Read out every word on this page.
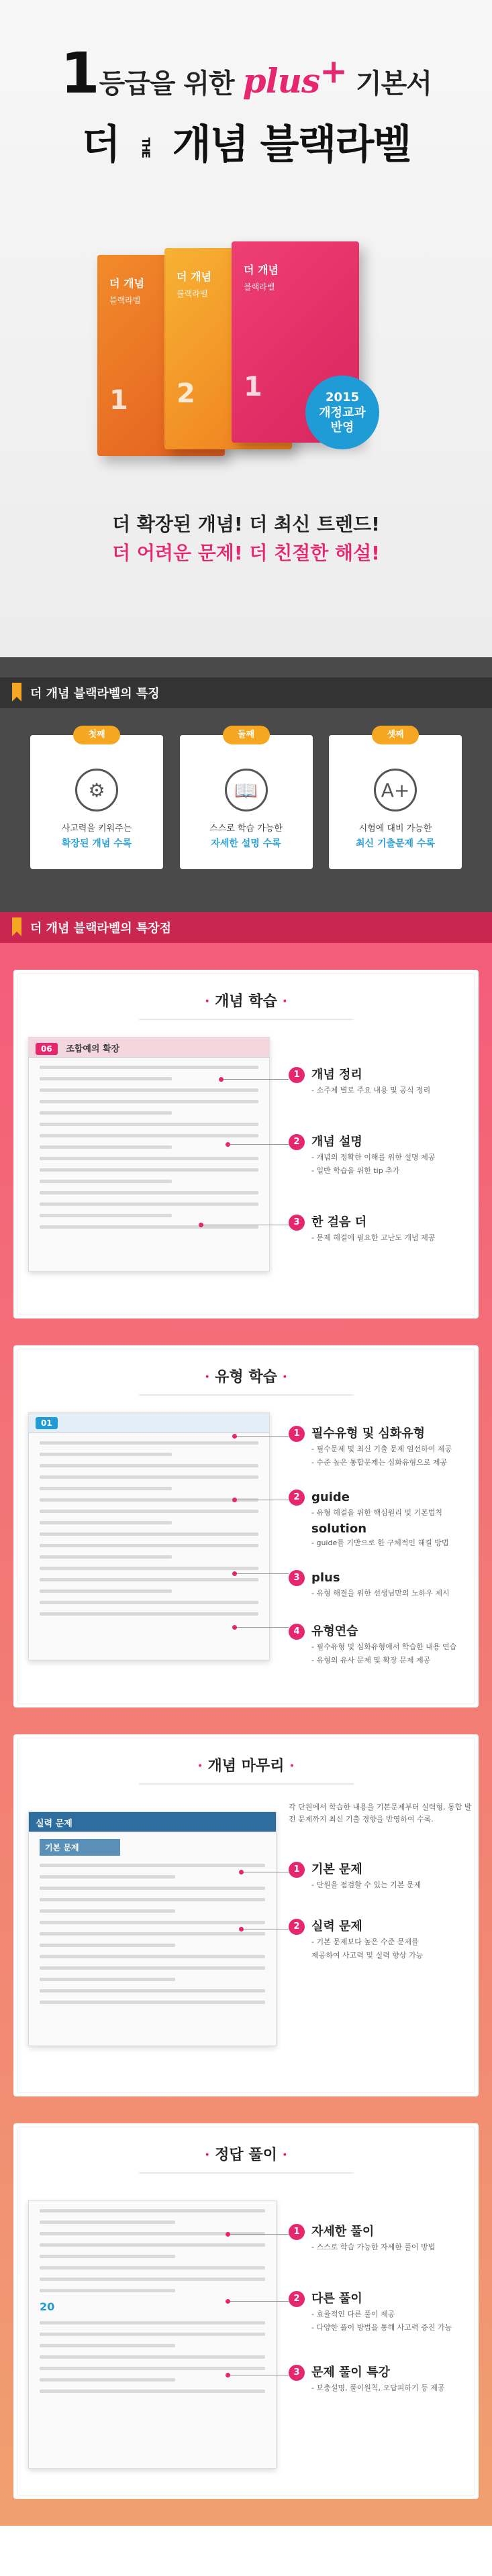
1등급을 위한 plus+ 기본서
더 THE 개념 블랙라벨
더 개념
블랙라벨
1
더 개념
블랙라벨
2
더 개념
블랙라벨
1	2015
개정교과
반영

더 확장된 개념! 더 최신 트렌드!

더 어려운 문제! 더 친절한 해설!

더 개념 블랙라벨의 특징
첫째
⚙
사고력을 키워주는
확장된 개념 수록
둘째
📖
스스로 학습 가능한
자세한 설명 수록
셋째
A+
시험에 대비 가능한
최신 기출문제 수록
더 개념 블랙라벨의 특장점
· 개념 학습 ·
06 조합예의 확장
1 개념 정리
- 소주제 별로 주요 내용 및 공식 정리
2 개념 설명
- 개념의 정확한 이해를 위한 설명 제공
- 일반 학습을 위한 tip 추가
3 한 걸음 더
- 문제 해결에 필요한 고난도 개념 제공
· 유형 학습 ·
01
1 필수유형 및 심화유형
- 필수문제 및 최신 기출 문제 엄선하여 제공
- 수준 높은 통합문제는 심화유형으로 제공
2 guide
- 유형 해결을 위한 핵심원리 및 기본법칙
solution
- guide를 기반으로 한 구체적인 해결 방법
3 plus
- 유형 해결을 위한 선생님만의 노하우 제시
4 유형연습
- 필수유형 및 심화유형에서 학습한 내용 연습
- 유형의 유사 문제 및 확장 문제 제공
· 개념 마무리 ·
실력 문제
기본 문제
각 단원에서 학습한 내용을 기본문제부터 실력형, 통합 발전 문제까지 최신 기출 경향을 반영하여 수록.
1 기본 문제
- 단원을 점검할 수 있는 기본 문제
2 실력 문제
- 기본 문제보다 높은 수준 문제를
제공하여 사고력 및 실력 향상 가능
· 정답 풀이 ·
20
1 자세한 풀이
- 스스로 학습 가능한 자세한 풀이 방법
2 다른 풀이
- 효율적인 다른 풀이 제공
- 다양한 풀이 방법을 통해 사고력 증진 가능
3 문제 풀이 특강
- 보충설명, 풀이원칙, 오답피하기 등 제공
